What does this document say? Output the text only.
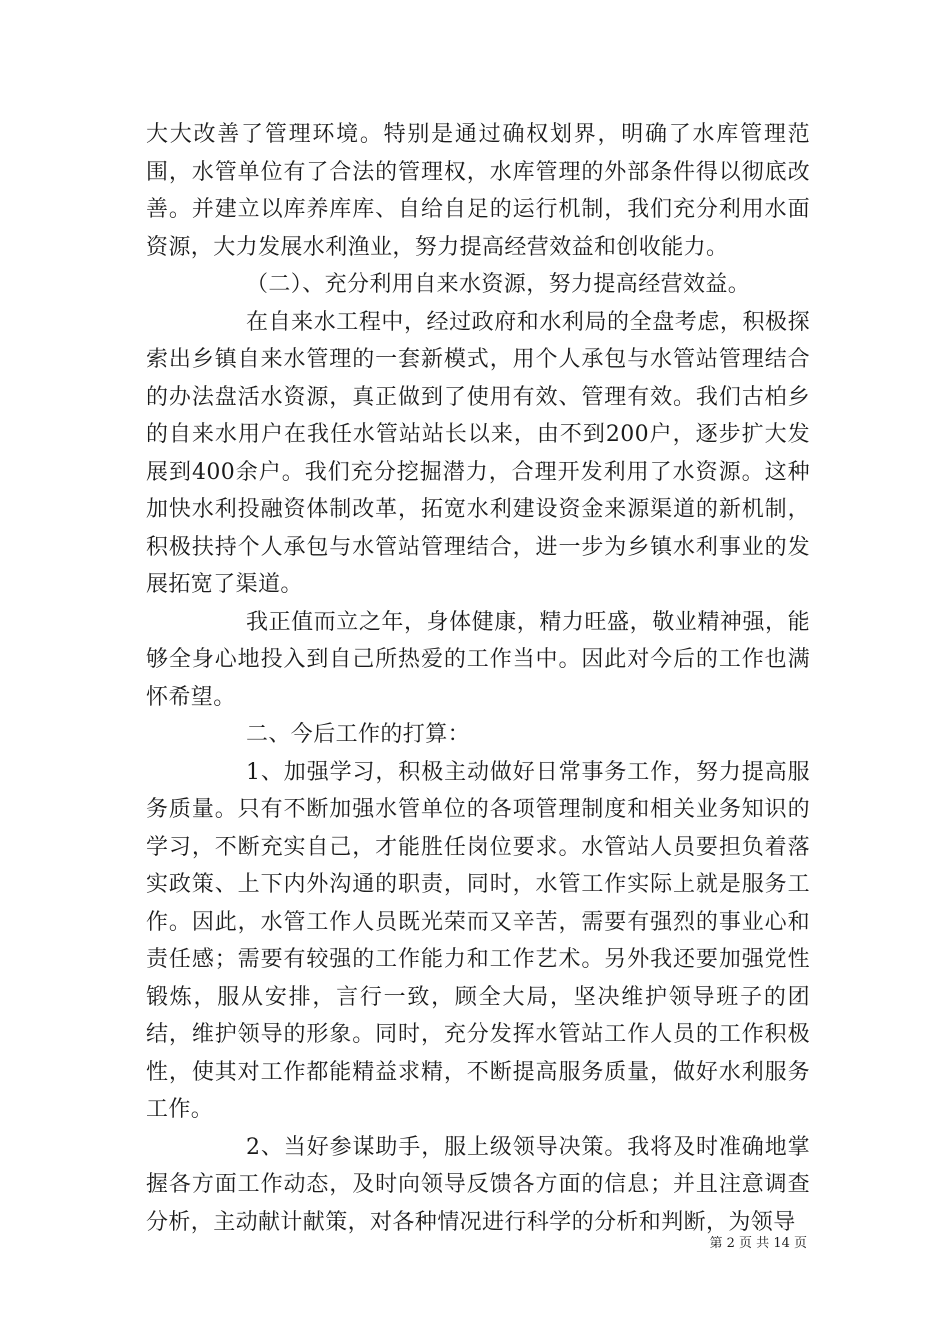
大大改善了管理环境。特别是通过确权划界，明确了水库管理范围，水管单位有了合法的管理权，水库管理的外部条件得以彻底改善。并建立以库养库库、自给自足的运行机制，我们充分利用水面资源，大力发展水利渔业，努力提高经营效益和创收能力。

（二）、充分利用自来水资源，努力提高经营效益。

在自来水工程中，经过政府和水利局的全盘考虑，积极探索出乡镇自来水管理的一套新模式，用个人承包与水管站管理结合的办法盘活水资源，真正做到了使用有效、管理有效。我们古柏乡的自来水用户在我任水管站站长以来，由不到200户，逐步扩大发展到400余户。我们充分挖掘潜力，合理开发利用了水资源。这种加快水利投融资体制改革，拓宽水利建设资金来源渠道的新机制，积极扶持个人承包与水管站管理结合，进一步为乡镇水利事业的发展拓宽了渠道。

我正值而立之年，身体健康，精力旺盛，敬业精神强，能够全身心地投入到自己所热爱的工作当中。因此对今后的工作也满怀希望。

二、今后工作的打算：

1、加强学习，积极主动做好日常事务工作，努力提高服务质量。只有不断加强水管单位的各项管理制度和相关业务知识的学习，不断充实自己，才能胜任岗位要求。水管站人员要担负着落实政策、上下内外沟通的职责，同时，水管工作实际上就是服务工作。因此，水管工作人员既光荣而又辛苦，需要有强烈的事业心和责任感；需要有较强的工作能力和工作艺术。另外我还要加强党性锻炼，服从安排，言行一致，顾全大局，坚决维护领导班子的团结，维护领导的形象。同时，充分发挥水管站工作人员的工作积极性，使其对工作都能精益求精，不断提高服务质量，做好水利服务工作。

2、当好参谋助手，服上级领导决策。我将及时准确地掌握各方面工作动态，及时向领导反馈各方面的信息；并且注意调查分析，主动献计献策，对各种情况进行科学的分析和判断，为领导

第 2 页 共 14 页
